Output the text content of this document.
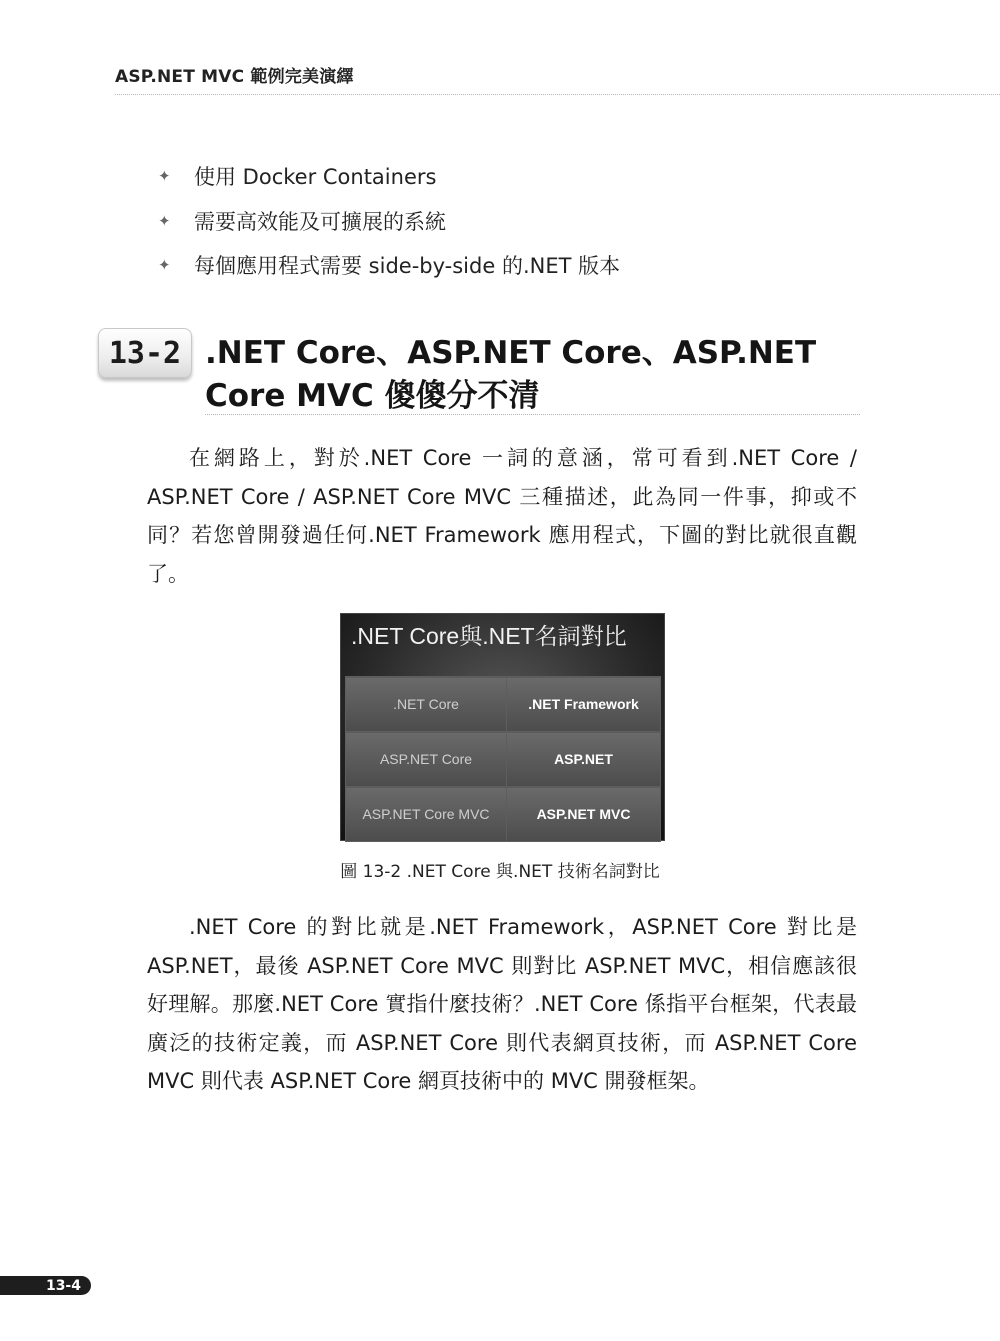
ASP.NET MVC 範例完美演繹
✦	使用 Docker Containers
✦	需要高效能及可擴展的系統
✦	每個應用程式需要 side-by-side 的.NET 版本
13-2 .NET Core、ASP.NET Core、ASP.NET Core MVC 傻傻分不清

在網路上，對於.NET Core 一詞的意涵，常可看到.NET Core / ASP.NET Core / ASP.NET Core MVC 三種描述，此為同一件事，抑或不同？若您曾開發過任何.NET Framework 應用程式，下圖的對比就很直觀了。

.NET Core與.NET名詞對比
.NET Core	.NET Framework
ASP.NET Core	ASP.NET
ASP.NET Core MVC	ASP.NET MVC
圖 13-2 .NET Core 與.NET 技術名詞對比

.NET Core 的對比就是.NET Framework，ASP.NET Core 對比是 ASP.NET，最後 ASP.NET Core MVC 則對比 ASP.NET MVC，相信應該很好理解。那麼.NET Core 實指什麼技術？.NET Core 係指平台框架，代表最廣泛的技術定義，而 ASP.NET Core 則代表網頁技術，而 ASP.NET Core MVC 則代表 ASP.NET Core 網頁技術中的 MVC 開發框架。

13-4
